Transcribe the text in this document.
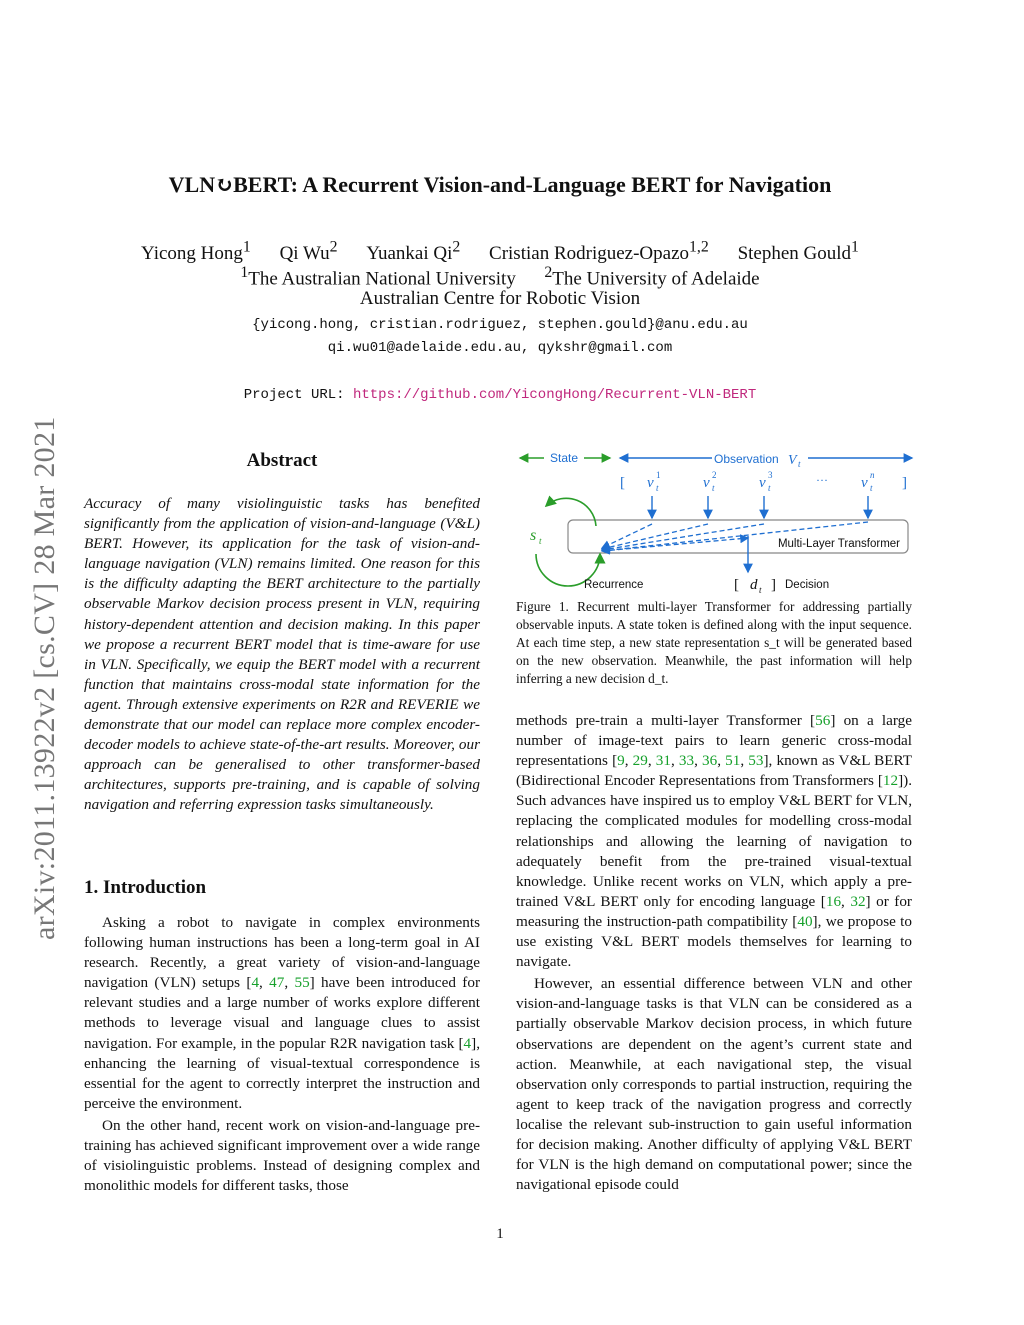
arXiv:2011.13922v2 [cs.CV] 28 Mar 2021
VLN↻BERT: A Recurrent Vision-and-Language BERT for Navigation
Yicong Hong$^1$ Qi Wu$^2$ Yuankai Qi$^2$ Cristian Rodriguez-Opazo$^{1,2}$ Stephen Gould$^1$
$^1$The Australian National University $^2$The University of Adelaide
Australian Centre for Robotic Vision
{yicong.hong, cristian.rodriguez, stephen.gould}@anu.edu.au
qi.wu01@adelaide.edu.au, qykshr@gmail.com
Project URL: https://github.com/YicongHong/Recurrent-VLN-BERT
Abstract
Accuracy of many visiolinguistic tasks has benefited significantly from the application of vision-and-language (V&L) BERT. However, its application for the task of vision-and-language navigation (VLN) remains limited. One reason for this is the difficulty adapting the BERT architecture to the partially observable Markov decision process present in VLN, requiring history-dependent attention and decision making. In this paper we propose a recurrent BERT model that is time-aware for use in VLN. Specifically, we equip the BERT model with a recurrent function that maintains cross-modal state information for the agent. Through extensive experiments on R2R and REVERIE we demonstrate that our model can replace more complex encoder-decoder models to achieve state-of-the-art results. Moreover, our approach can be generalised to other transformer-based architectures, supports pre-training, and is capable of solving navigation and referring expression tasks simultaneously.
1. Introduction

Asking a robot to navigate in complex environments following human instructions has been a long-term goal in AI research. Recently, a great variety of vision-and-language navigation (VLN) setups [4, 47, 55] have been introduced for relevant studies and a large number of works explore different methods to leverage visual and language clues to assist navigation. For example, in the popular R2R navigation task [4], enhancing the learning of visual-textual correspondence is essential for the agent to correctly interpret the instruction and perceive the environment.

On the other hand, recent work on vision-and-language pre-training has achieved significant improvement over a wide range of visiolinguistic problems. Instead of designing complex and monolithic models for different tasks, those

State	Observation V t
[	]
v 1
t	v 2
t	v 3
t
··· v n
t
Multi-Layer Transformer
s t
Recurrence	[ d t ] Decision
Figure 1. Recurrent multi-layer Transformer for addressing partially observable inputs. A state token is defined along with the input sequence. At each time step, a new state representation s_t will be generated based on the new observation. Meanwhile, the past information will help inferring a new decision d_t.

methods pre-train a multi-layer Transformer [56] on a large number of image-text pairs to learn generic cross-modal representations [9, 29, 31, 33, 36, 51, 53], known as V&L BERT (Bidirectional Encoder Representations from Transformers [12]). Such advances have inspired us to employ V&L BERT for VLN, replacing the complicated modules for modelling cross-modal relationships and allowing the learning of navigation to adequately benefit from the pre-trained visual-textual knowledge. Unlike recent works on VLN, which apply a pre-trained V&L BERT only for encoding language [16, 32] or for measuring the instruction-path compatibility [40], we propose to use existing V&L BERT models themselves for learning to navigate.

However, an essential difference between VLN and other vision-and-language tasks is that VLN can be considered as a partially observable Markov decision process, in which future observations are dependent on the agent’s current state and action. Meanwhile, at each navigational step, the visual observation only corresponds to partial instruction, requiring the agent to keep track of the navigation progress and correctly localise the relevant sub-instruction to gain useful information for decision making. Another difficulty of applying V&L BERT for VLN is the high demand on computational power; since the navigational episode could

1
